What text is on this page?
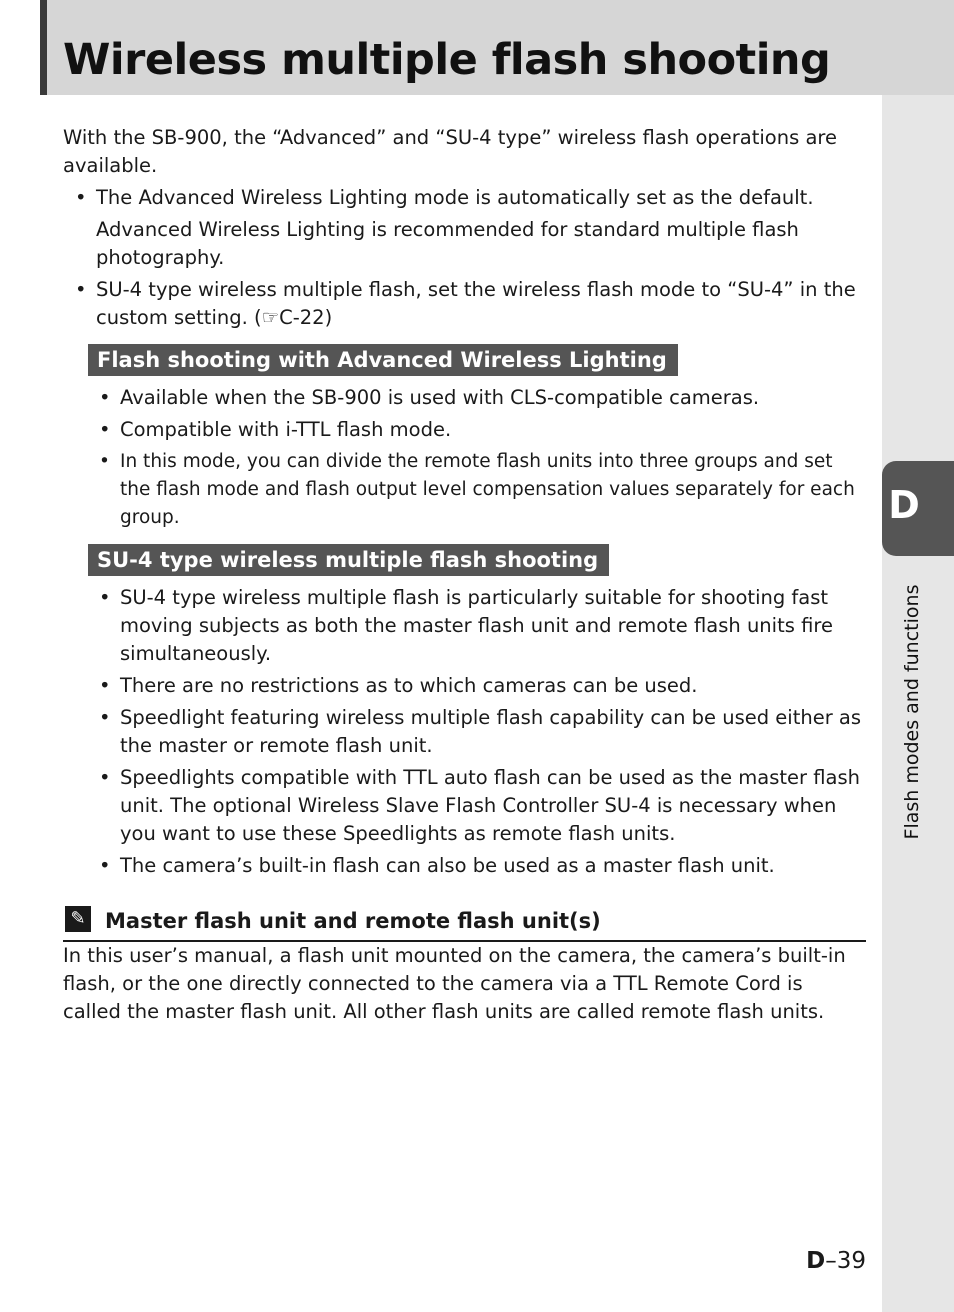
Wireless multiple flash shooting
D
Flash modes and functions

With the SB-900, the “Advanced” and “SU-4 type” wireless flash operations are available.

• The Advanced Wireless Lighting mode is automatically set as the default.
Advanced Wireless Lighting is recommended for standard multiple flash photography.
• SU-4 type wireless multiple flash, set the wireless flash mode to “SU-4” in the custom setting. (☞C-22)
Flash shooting with Advanced Wireless Lighting
• Available when the SB-900 is used with CLS-compatible cameras.
• Compatible with i-TTL flash mode.
• In this mode, you can divide the remote flash units into three groups and set the flash mode and flash output level compensation values separately for each group.
SU-4 type wireless multiple flash shooting
• SU-4 type wireless multiple flash is particularly suitable for shooting fast moving subjects as both the master flash unit and remote flash units fire simultaneously.
• There are no restrictions as to which cameras can be used.
• Speedlight featuring wireless multiple flash capability can be used either as the master or remote flash unit.
• Speedlights compatible with TTL auto flash can be used as the master flash unit. The optional Wireless Slave Flash Controller SU-4 is necessary when you want to use these Speedlights as remote flash units.
• The camera’s built-in flash can also be used as a master flash unit.
✎ Master flash unit and remote flash unit(s)

In this user’s manual, a flash unit mounted on the camera, the camera’s built-in flash, or the one directly connected to the camera via a TTL Remote Cord is called the master flash unit. All other flash units are called remote flash units.

D–39
